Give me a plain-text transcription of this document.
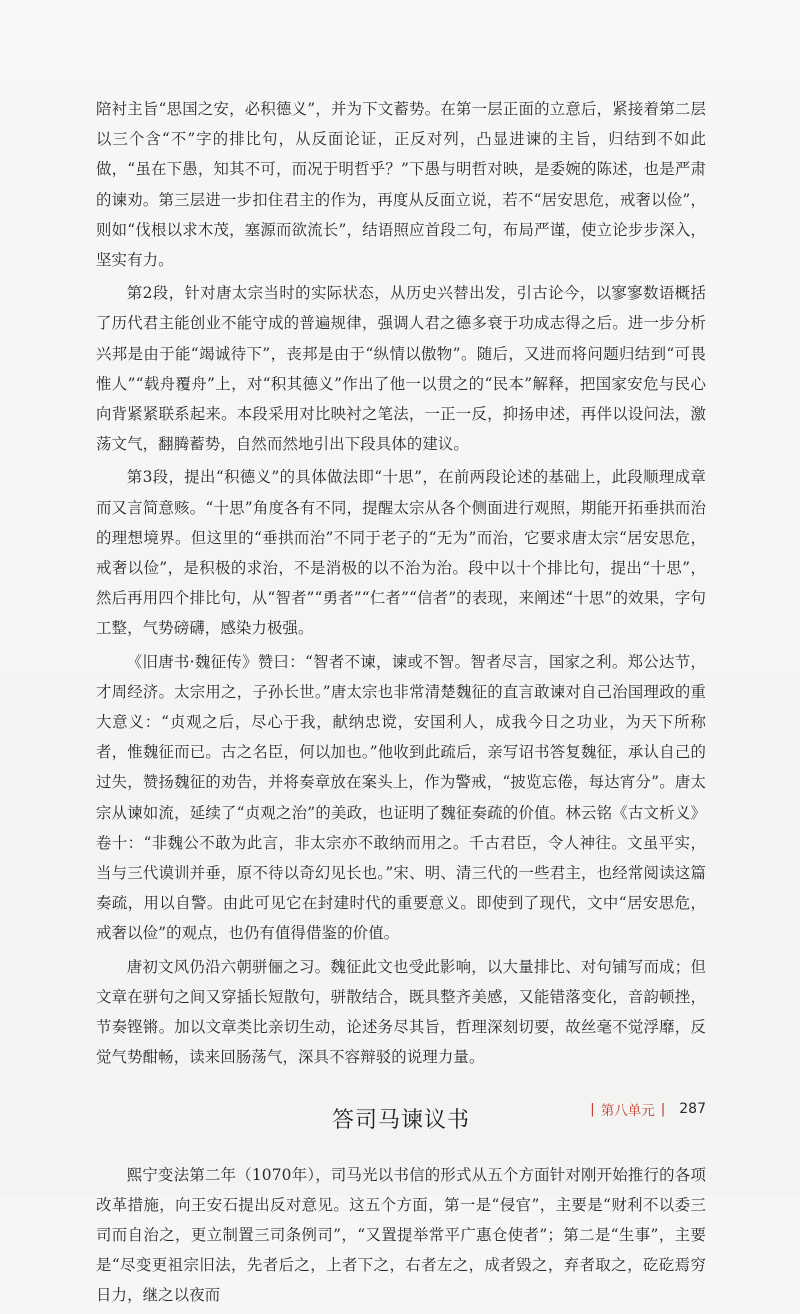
陪衬主旨“思国之安，必积德义”，并为下文蓄势。在第一层正面的立意后，紧接着第二层以三个含“不”字的排比句，从反面论证，正反对列，凸显进谏的主旨，归结到不如此做，“虽在下愚，知其不可，而况于明哲乎？”下愚与明哲对映，是委婉的陈述，也是严肃的谏劝。第三层进一步扣住君主的作为，再度从反面立说，若不“居安思危，戒奢以俭”，则如“伐根以求木茂，塞源而欲流长”，结语照应首段二句，布局严谨，使立论步步深入，坚实有力。

第2段，针对唐太宗当时的实际状态，从历史兴替出发，引古论今，以寥寥数语概括了历代君主能创业不能守成的普遍规律，强调人君之德多衰于功成志得之后。进一步分析兴邦是由于能“竭诚待下”，丧邦是由于“纵情以傲物”。随后，又进而将问题归结到“可畏惟人”“载舟覆舟”上，对“积其德义”作出了他一以贯之的“民本”解释，把国家安危与民心向背紧紧联系起来。本段采用对比映衬之笔法，一正一反，抑扬申述，再伴以设问法，激荡文气，翻腾蓄势，自然而然地引出下段具体的建议。

第3段，提出“积德义”的具体做法即“十思”，在前两段论述的基础上，此段顺理成章而又言简意赅。“十思”角度各有不同，提醒太宗从各个侧面进行观照，期能开拓垂拱而治的理想境界。但这里的“垂拱而治”不同于老子的“无为”而治，它要求唐太宗“居安思危，戒奢以俭”，是积极的求治，不是消极的以不治为治。段中以十个排比句，提出“十思”，然后再用四个排比句，从“智者”“勇者”“仁者”“信者”的表现，来阐述“十思”的效果，字句工整，气势磅礴，感染力极强。

《旧唐书·魏征传》赞曰：“智者不谏，谏或不智。智者尽言，国家之利。郑公达节，才周经济。太宗用之，子孙长世。”唐太宗也非常清楚魏征的直言敢谏对自己治国理政的重大意义：“贞观之后，尽心于我，献纳忠谠，安国利人，成我今日之功业，为天下所称者，惟魏征而已。古之名臣，何以加也。”他收到此疏后，亲写诏书答复魏征，承认自己的过失，赞扬魏征的劝告，并将奏章放在案头上，作为警戒，“披览忘倦，每达宵分”。唐太宗从谏如流，延续了“贞观之治”的美政，也证明了魏征奏疏的价值。林云铭《古文析义》卷十：“非魏公不敢为此言，非太宗亦不敢纳而用之。千古君臣，令人神往。文虽平实，当与三代谟训并垂，原不待以奇幻见长也。”宋、明、清三代的一些君主，也经常阅读这篇奏疏，用以自警。由此可见它在封建时代的重要意义。即使到了现代，文中“居安思危，戒奢以俭”的观点，也仍有值得借鉴的价值。

唐初文风仍沿六朝骈俪之习。魏征此文也受此影响，以大量排比、对句铺写而成；但文章在骈句之间又穿插长短散句，骈散结合，既具整齐美感，又能错落变化，音韵顿挫，节奏铿锵。加以文章类比亲切生动，论述务尽其旨，哲理深刻切要，故丝毫不觉浮靡，反觉气势酣畅，读来回肠荡气，深具不容辩驳的说理力量。

答司马谏议书

熙宁变法第二年（1070年），司马光以书信的形式从五个方面针对刚开始推行的各项改革措施，向王安石提出反对意见。这五个方面，第一是“侵官”，主要是“财利不以委三司而自治之，更立制置三司条例司”，“又置提举常平广惠仓使者”；第二是“生事”，主要是“尽变更祖宗旧法，先者后之，上者下之，右者左之，成者毁之，弃者取之，矻矻焉穷日力，继之以夜而

| 第八单元 | 287
